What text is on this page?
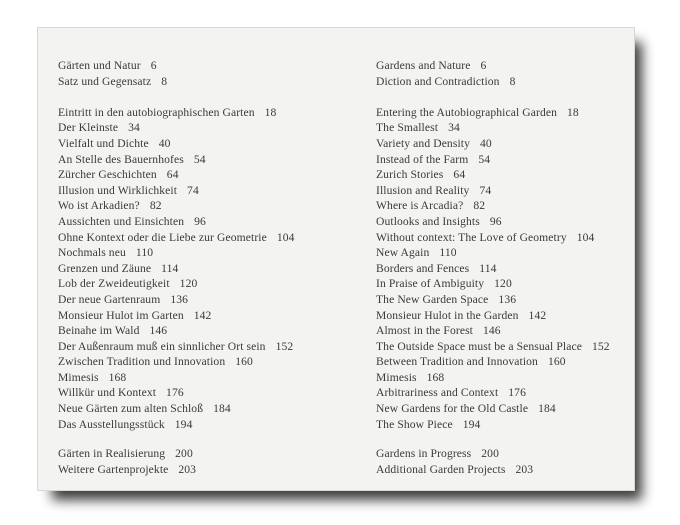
Gärten und Natur 6
Satz und Gegensatz 8
Eintritt in den autobiographischen Garten 18
Der Kleinste 34
Vielfalt und Dichte 40
An Stelle des Bauernhofes 54
Zürcher Geschichten 64
Illusion und Wirklichkeit 74
Wo ist Arkadien? 82
Aussichten und Einsichten 96
Ohne Kontext oder die Liebe zur Geometrie 104
Nochmals neu 110
Grenzen und Zäune 114
Lob der Zweideutigkeit 120
Der neue Gartenraum 136
Monsieur Hulot im Garten 142
Beinahe im Wald 146
Der Außenraum muß ein sinnlicher Ort sein 152
Zwischen Tradition und Innovation 160
Mimesis 168
Willkür und Kontext 176
Neue Gärten zum alten Schloß 184
Das Ausstellungsstück 194
Gärten in Realisierung 200
Weitere Gartenprojekte 203
Gardens and Nature 6
Diction and Contradiction 8
Entering the Autobiographical Garden 18
The Smallest 34
Variety and Density 40
Instead of the Farm 54
Zurich Stories 64
Illusion and Reality 74
Where is Arcadia? 82
Outlooks and Insights 96
Without context: The Love of Geometry 104
New Again 110
Borders and Fences 114
In Praise of Ambiguity 120
The New Garden Space 136
Monsieur Hulot in the Garden 142
Almost in the Forest 146
The Outside Space must be a Sensual Place 152
Between Tradition and Innovation 160
Mimesis 168
Arbitrariness and Context 176
New Gardens for the Old Castle 184
The Show Piece 194
Gardens in Progress 200
Additional Garden Projects 203
